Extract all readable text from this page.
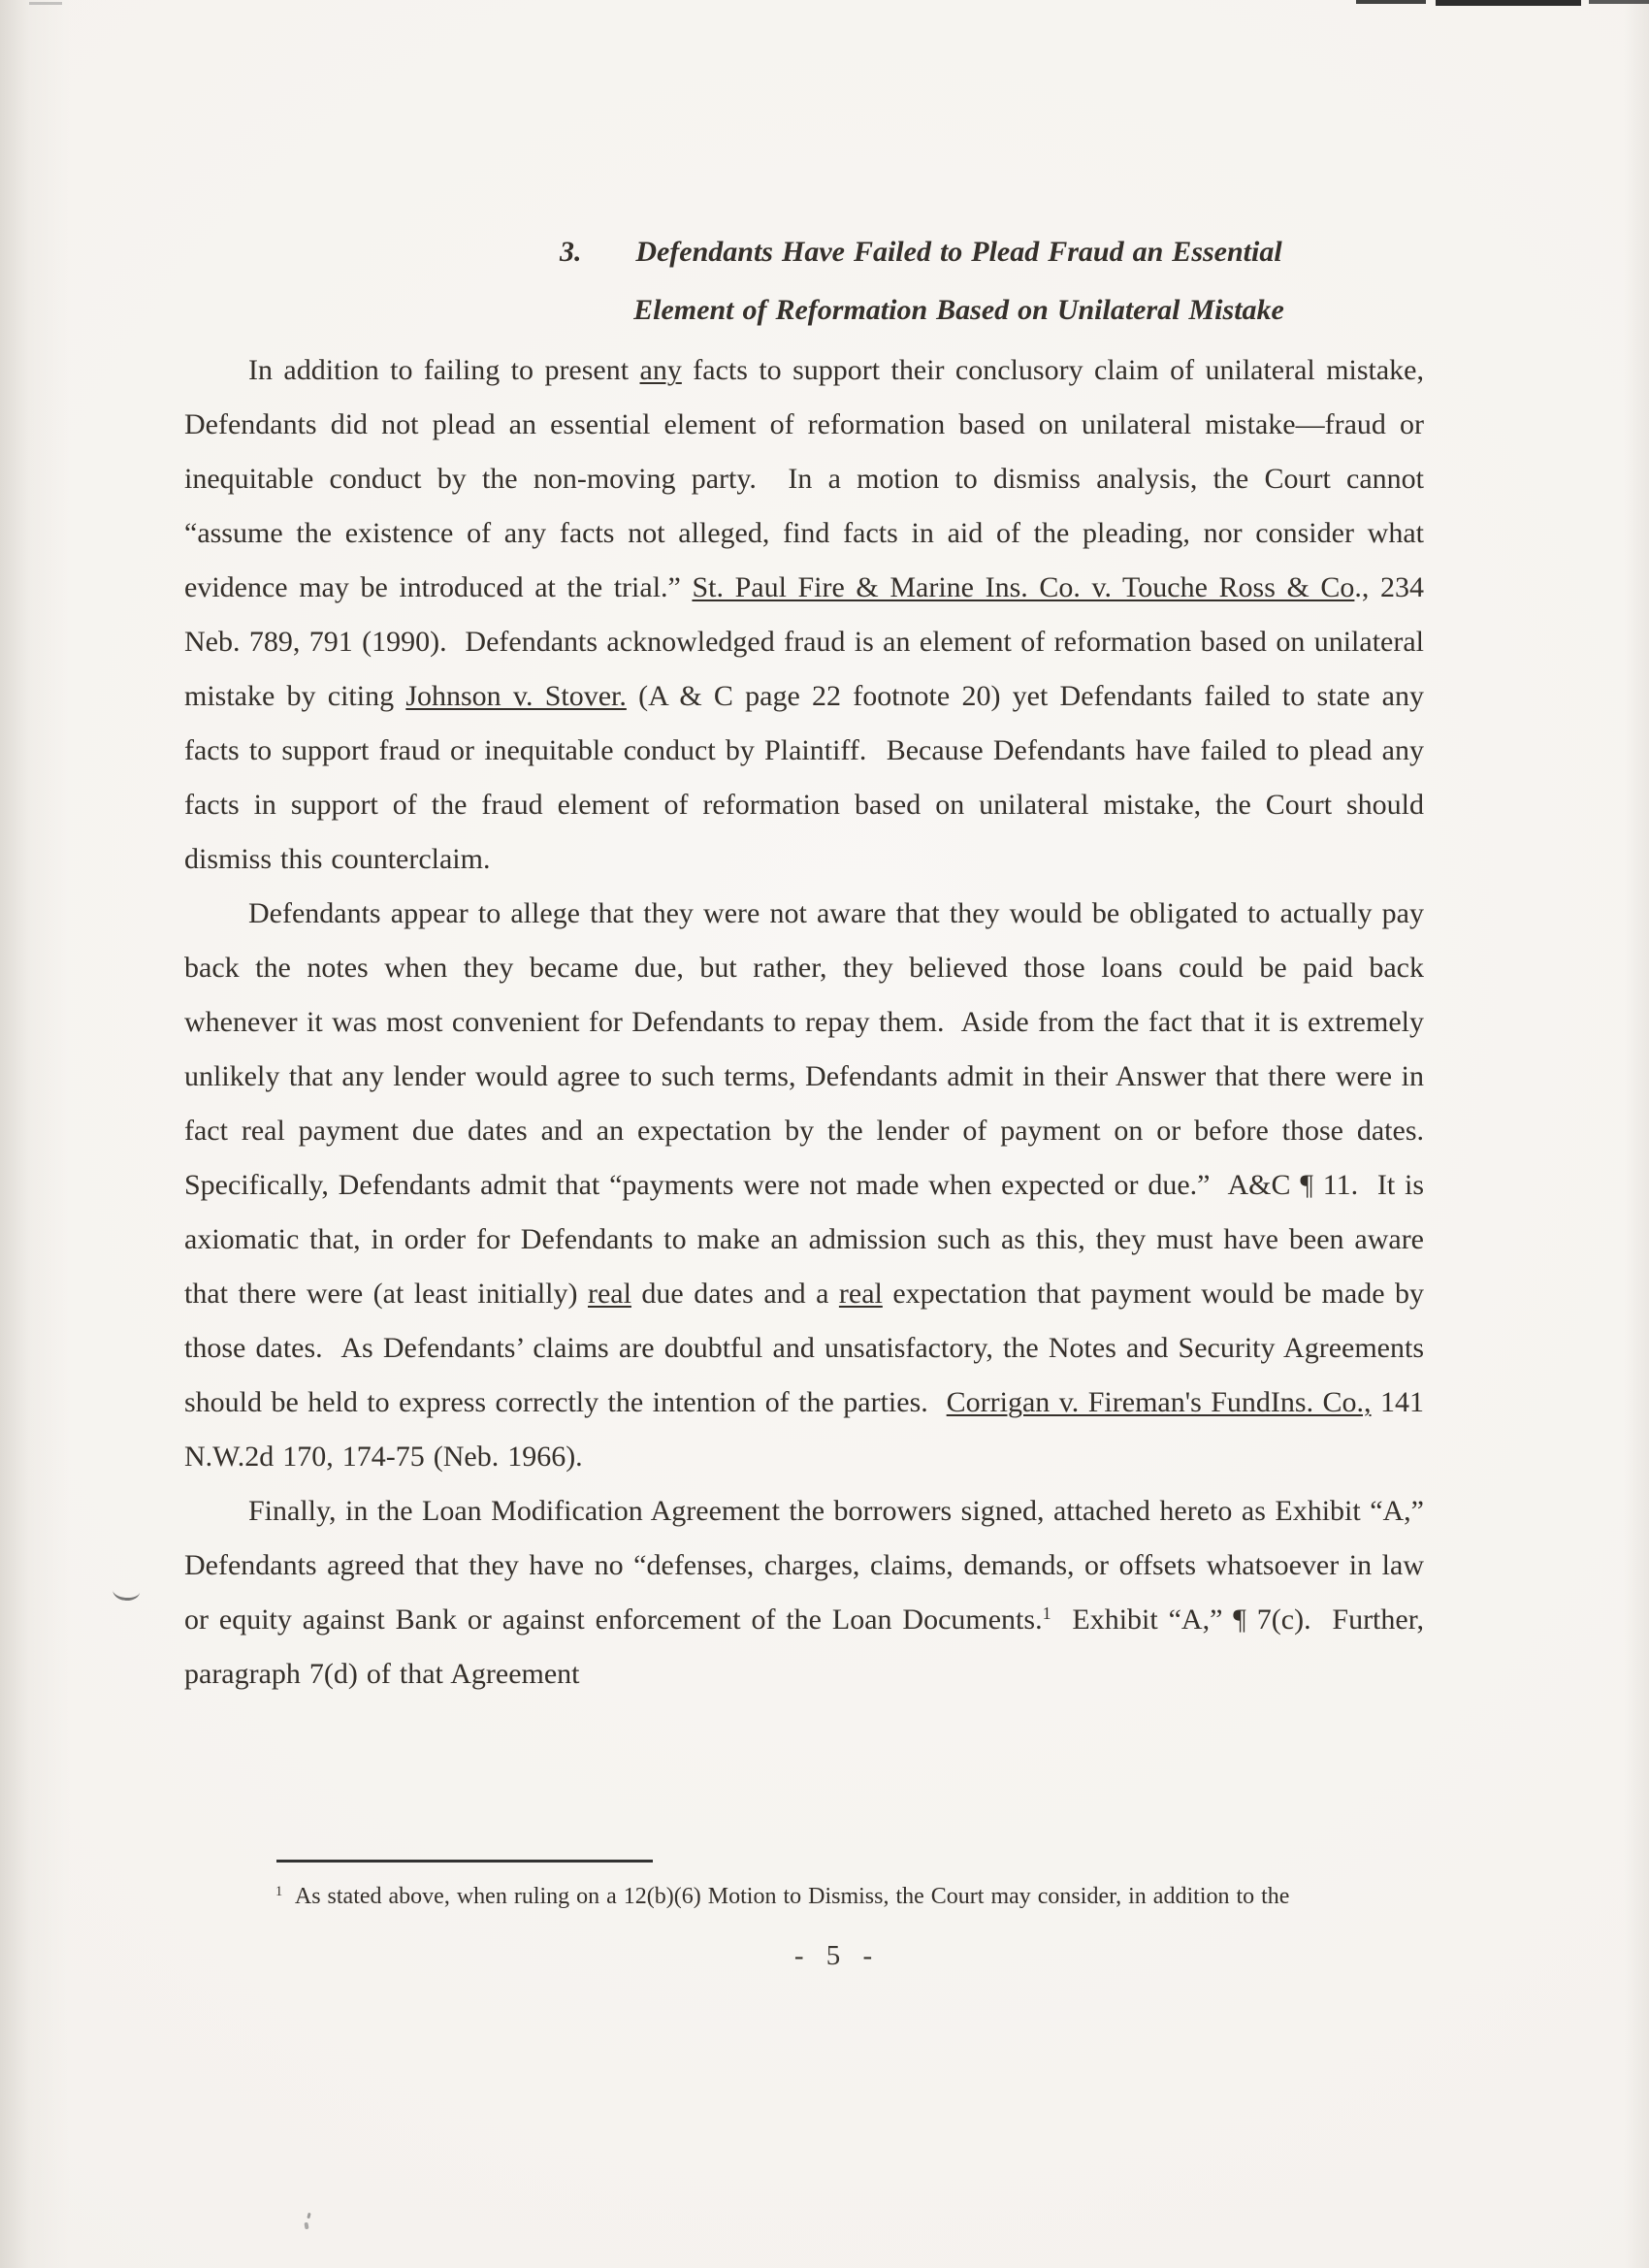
3.	Defendants Have Failed to Plead Fraud an Essential
Element of Reformation Based on Unilateral Mistake

In addition to failing to present any facts to support their conclusory claim of unilateral mistake, Defendants did not plead an essential element of reformation based on unilateral mistake—fraud or inequitable conduct by the non-moving party.  In a motion to dismiss analysis, the Court cannot “assume the existence of any facts not alleged, find facts in aid of the pleading, nor consider what evidence may be introduced at the trial.” St. Paul Fire & Marine Ins. Co. v. Touche Ross & Co., 234 Neb. 789, 791 (1990).  Defendants acknowledged fraud is an element of reformation based on unilateral mistake by citing Johnson v. Stover. (A & C page 22 footnote 20) yet Defendants failed to state any facts to support fraud or inequitable conduct by Plaintiff.  Because Defendants have failed to plead any facts in support of the fraud element of reformation based on unilateral mistake, the Court should dismiss this counterclaim.

Defendants appear to allege that they were not aware that they would be obligated to actually pay back the notes when they became due, but rather, they believed those loans could be paid back whenever it was most convenient for Defendants to repay them.  Aside from the fact that it is extremely unlikely that any lender would agree to such terms, Defendants admit in their Answer that there were in fact real payment due dates and an expectation by the lender of payment on or before those dates. Specifically, Defendants admit that “payments were not made when expected or due.”  A&C ¶ 11.  It is axiomatic that, in order for Defendants to make an admission such as this, they must have been aware that there were (at least initially) real due dates and a real expectation that payment would be made by those dates.  As Defendants’ claims are doubtful and unsatisfactory, the Notes and Security Agreements should be held to express correctly the intention of the parties.  Corrigan v. Fireman's FundIns. Co., 141 N.W.2d 170, 174-75 (Neb. 1966).

Finally, in the Loan Modification Agreement the borrowers signed, attached hereto as Exhibit “A,” Defendants agreed that they have no “defenses, charges, claims, demands, or offsets whatsoever in law or equity against Bank or against enforcement of the Loan Documents.$^1$  Exhibit “A,” ¶ 7(c).  Further, paragraph 7(d) of that Agreement

$^1$  As stated above, when ruling on a 12(b)(6) Motion to Dismiss, the Court may consider, in addition to the
- 5 -
